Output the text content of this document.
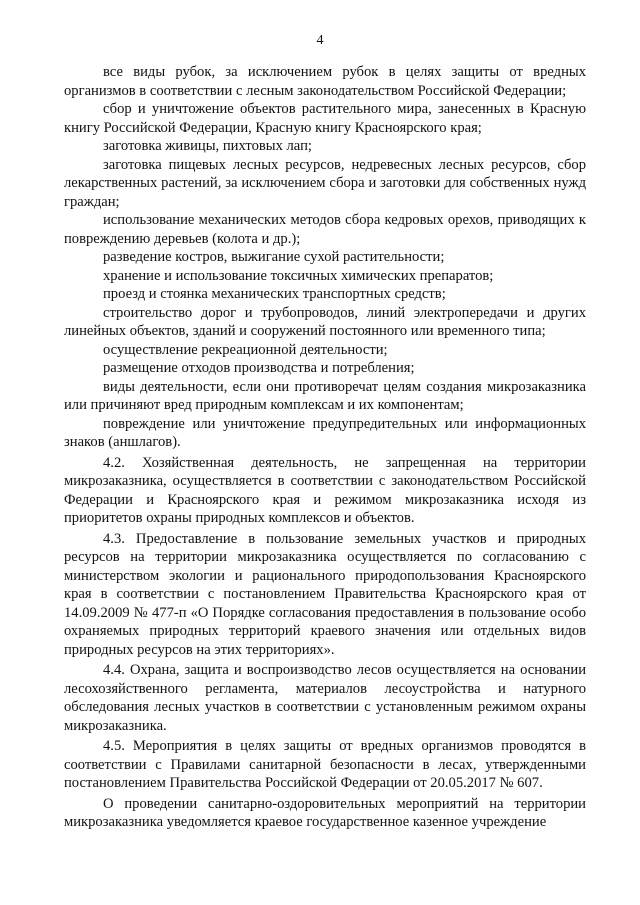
4

все виды рубок, за исключением рубок в целях защиты от вредных организмов в соответствии с лесным законодательством Российской Федерации;

сбор и уничтожение объектов растительного мира, занесенных в Красную книгу Российской Федерации, Красную книгу Красноярского края;

заготовка живицы, пихтовых лап;

заготовка пищевых лесных ресурсов, недревесных лесных ресурсов, сбор лекарственных растений, за исключением сбора и заготовки для собственных нужд граждан;

использование механических методов сбора кедровых орехов, приводящих к повреждению деревьев (колота и др.);

разведение костров, выжигание сухой растительности;

хранение и использование токсичных химических препаратов;

проезд и стоянка механических транспортных средств;

строительство дорог и трубопроводов, линий электропередачи и других линейных объектов, зданий и сооружений постоянного или временного типа;

осуществление рекреационной деятельности;

размещение отходов производства и потребления;

виды деятельности, если они противоречат целям создания микрозаказника или причиняют вред природным комплексам и их компонентам;

повреждение или уничтожение предупредительных или информационных знаков (аншлагов).

4.2. Хозяйственная деятельность, не запрещенная на территории микрозаказника, осуществляется в соответствии с законодательством Российской Федерации и Красноярского края и режимом микрозаказника исходя из приоритетов охраны природных комплексов и объектов.

4.3. Предоставление в пользование земельных участков и природных ресурсов на территории микрозаказника осуществляется по согласованию с министерством экологии и рационального природопользования Красноярского края в соответствии с постановлением Правительства Красноярского края от 14.09.2009 № 477-п «О Порядке согласования предоставления в пользование особо охраняемых природных территорий краевого значения или отдельных видов природных ресурсов на этих территориях».

4.4. Охрана, защита и воспроизводство лесов осуществляется на основании лесохозяйственного регламента, материалов лесоустройства и натурного обследования лесных участков в соответствии с установленным режимом охраны микрозаказника.

4.5. Мероприятия в целях защиты от вредных организмов проводятся в соответствии с Правилами санитарной безопасности в лесах, утвержденными постановлением Правительства Российской Федерации от 20.05.2017 № 607.

О проведении санитарно-оздоровительных мероприятий на территории микрозаказника уведомляется краевое государственное казенное учреждение
